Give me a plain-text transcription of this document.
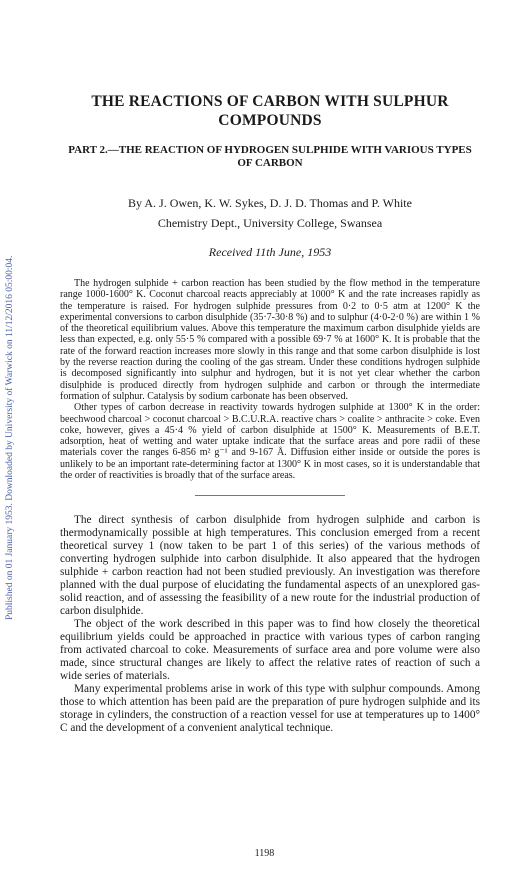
Published on 01 January 1953. Downloaded by University of Warwick on 11/12/2016 05:00:04.
THE REACTIONS OF CARBON WITH SULPHUR COMPOUNDS
PART 2.—THE REACTION OF HYDROGEN SULPHIDE WITH VARIOUS TYPES OF CARBON
By A. J. Owen, K. W. Sykes, D. J. D. Thomas and P. White
Chemistry Dept., University College, Swansea
Received 11th June, 1953

The hydrogen sulphide + carbon reaction has been studied by the flow method in the temperature range 1000-1600° K. Coconut charcoal reacts appreciably at 1000° K and the rate increases rapidly as the temperature is raised. For hydrogen sulphide pressures from 0·2 to 0·5 atm at 1200° K the experimental conversions to carbon disulphide (35·7-30·8 %) and to sulphur (4·0-2·0 %) are within 1 % of the theoretical equilibrium values. Above this temperature the maximum carbon disulphide yields are less than expected, e.g. only 55·5 % compared with a possible 69·7 % at 1600° K. It is probable that the rate of the forward reaction increases more slowly in this range and that some carbon disulphide is lost by the reverse reaction during the cooling of the gas stream. Under these conditions hydrogen sulphide is decomposed significantly into sulphur and hydrogen, but it is not yet clear whether the carbon disulphide is produced directly from hydrogen sulphide and carbon or through the intermediate formation of sulphur. Catalysis by sodium carbonate has been observed.

Other types of carbon decrease in reactivity towards hydrogen sulphide at 1300° K in the order: beechwood charcoal > coconut charcoal > B.C.U.R.A. reactive chars > coalite > anthracite > coke. Even coke, however, gives a 45·4 % yield of carbon disulphide at 1500° K. Measurements of B.E.T. adsorption, heat of wetting and water uptake indicate that the surface areas and pore radii of these materials cover the ranges 6-856 m² g⁻¹ and 9-167 Å. Diffusion either inside or outside the pores is unlikely to be an important rate-determining factor at 1300° K in most cases, so it is understandable that the order of reactivities is broadly that of the surface areas.

The direct synthesis of carbon disulphide from hydrogen sulphide and carbon is thermodynamically possible at high temperatures. This conclusion emerged from a recent theoretical survey 1 (now taken to be part 1 of this series) of the various methods of converting hydrogen sulphide into carbon disulphide. It also appeared that the hydrogen sulphide + carbon reaction had not been studied previously. An investigation was therefore planned with the dual purpose of elucidating the fundamental aspects of an unexplored gas-solid reaction, and of assessing the feasibility of a new route for the industrial production of carbon disulphide.

The object of the work described in this paper was to find how closely the theoretical equilibrium yields could be approached in practice with various types of carbon ranging from activated charcoal to coke. Measurements of surface area and pore volume were also made, since structural changes are likely to affect the relative rates of reaction of such a wide series of materials.

Many experimental problems arise in work of this type with sulphur compounds. Among those to which attention has been paid are the preparation of pure hydrogen sulphide and its storage in cylinders, the construction of a reaction vessel for use at temperatures up to 1400° C and the development of a convenient analytical technique.

1198
